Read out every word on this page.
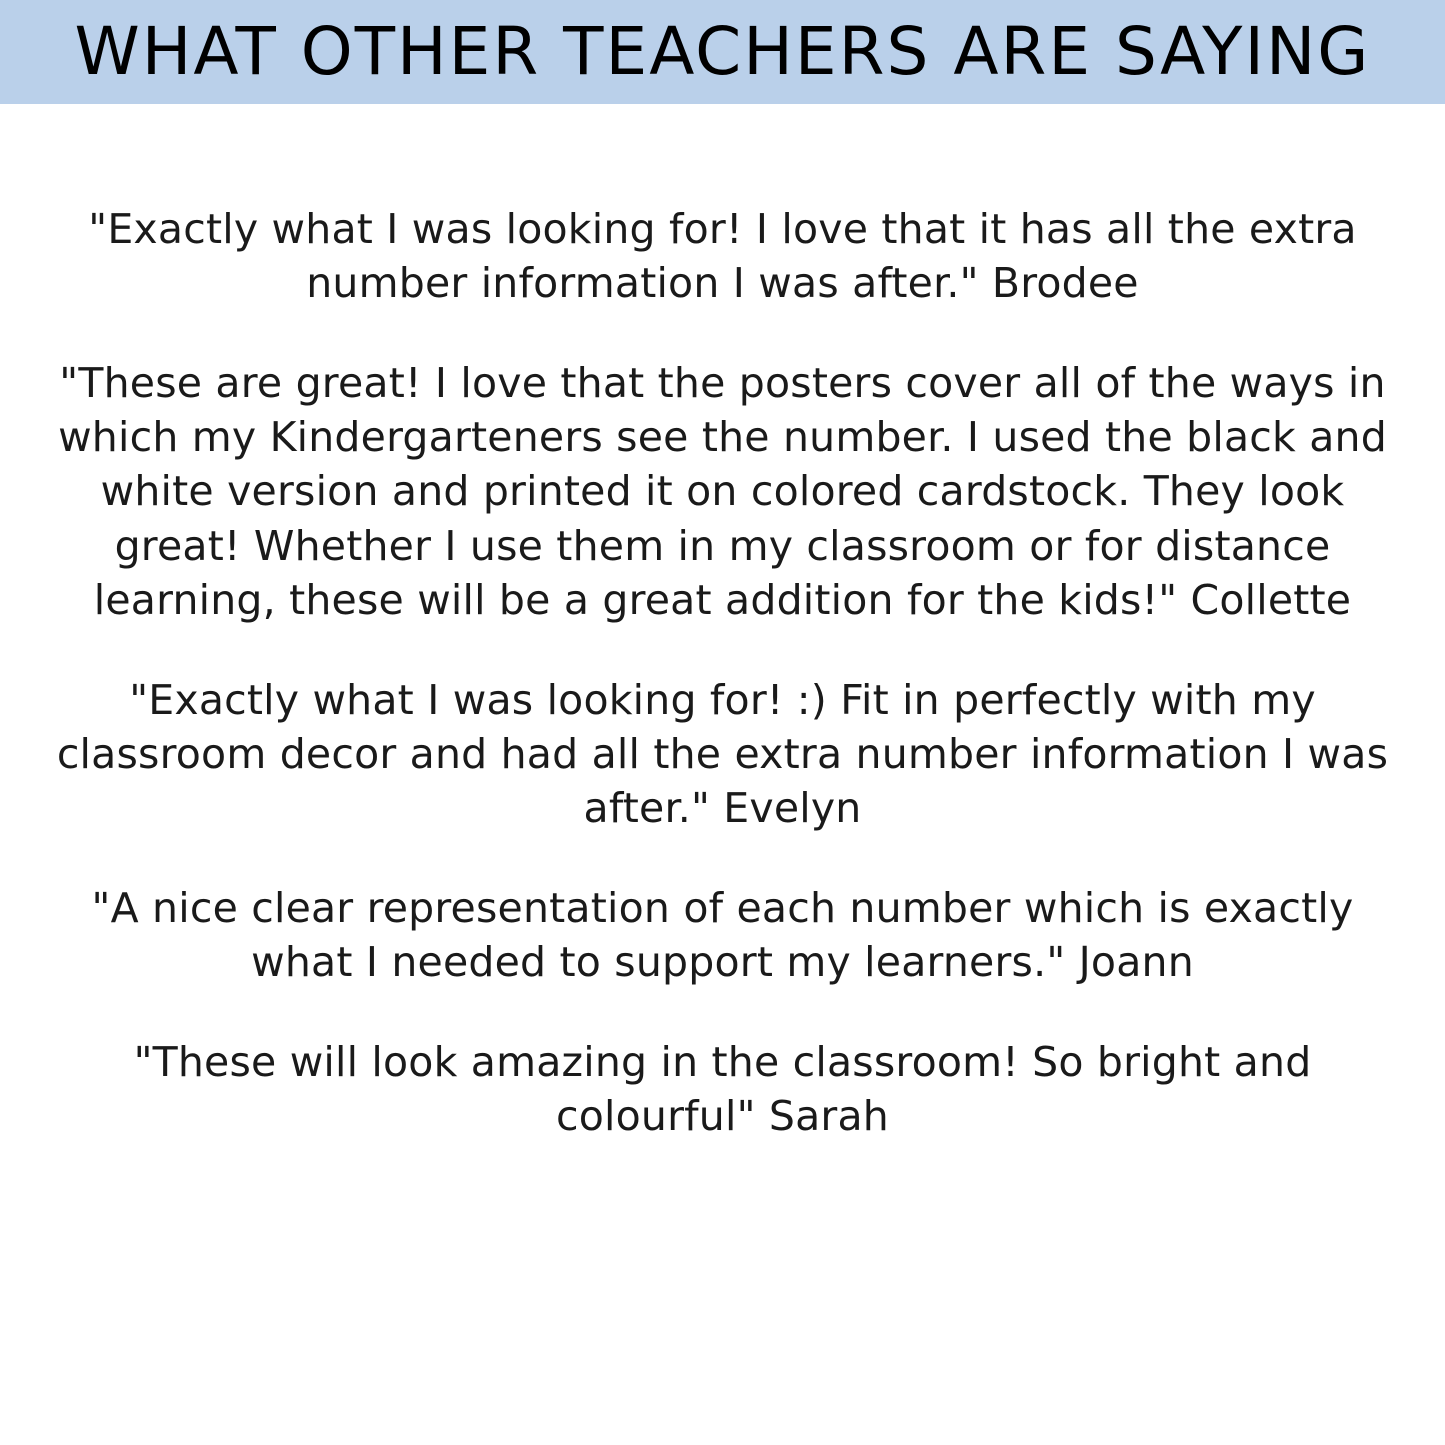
WHAT OTHER TEACHERS ARE SAYING

"Exactly what I was looking for! I love that it has all the extra number information I was after." Brodee

"These are great! I love that the posters cover all of the ways in which my Kindergarteners see the number. I used the black and white version and printed it on colored cardstock. They look great! Whether I use them in my classroom or for distance learning, these will be a great addition for the kids!" Collette

"Exactly what I was looking for! :) Fit in perfectly with my classroom decor and had all the extra number information I was after." Evelyn

"A nice clear representation of each number which is exactly what I needed to support my learners." Joann

"These will look amazing in the classroom! So bright and colourful" Sarah
